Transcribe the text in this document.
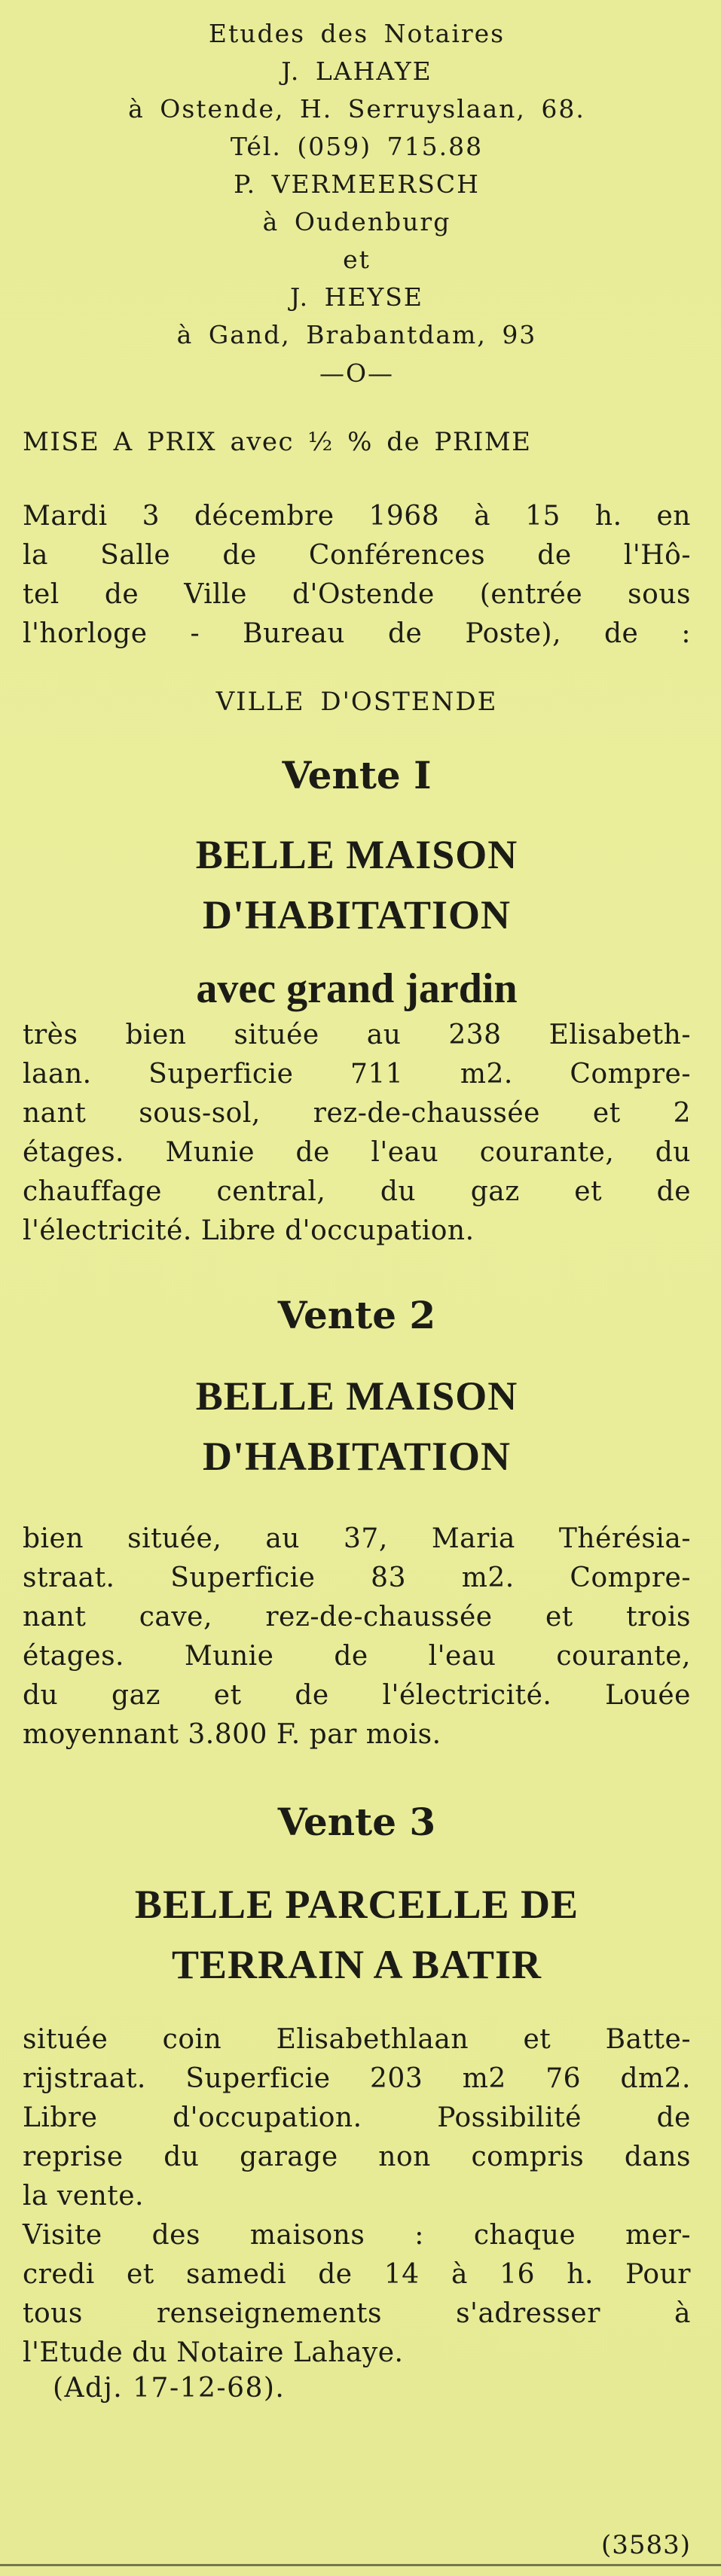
Etudes des Notaires
J. LAHAYE
à Ostende, H. Serruyslaan, 68.
Tél. (059) 715.88
P. VERMEERSCH
à Oudenburg
et
J. HEYSE
à Gand, Brabantdam, 93
—O—
MISE A PRIX avec ½ % de PRIME
Mardi 3 décembre 1968 à 15 h. en
la Salle de Conférences de l'Hô-
tel de Ville d'Ostende (entrée sous
l'horloge - Bureau de Poste), de :
VILLE D'OSTENDE
Vente I
BELLE MAISON
D'HABITATION
avec grand jardin
très bien située au 238 Elisabeth-
laan. Superficie 711 m2. Compre-
nant sous-sol, rez-de-chaussée et 2
étages. Munie de l'eau courante, du
chauffage central, du gaz et de
l'électricité. Libre d'occupation.
Vente 2
BELLE MAISON
D'HABITATION
bien située, au 37, Maria Thérésia-
straat. Superficie 83 m2. Compre-
nant cave, rez-de-chaussée et trois
étages. Munie de l'eau courante,
du gaz et de l'électricité. Louée
moyennant 3.800 F. par mois.
Vente 3
BELLE PARCELLE DE
TERRAIN A BATIR
située coin Elisabethlaan et Batte-
rijstraat. Superficie 203 m2 76 dm2.
Libre d'occupation. Possibilité de
reprise du garage non compris dans
la vente.
Visite des maisons : chaque mer-
credi et samedi de 14 à 16 h. Pour
tous renseignements s'adresser à
l'Etude du Notaire Lahaye.
(Adj. 17-12-68).
(3583)
